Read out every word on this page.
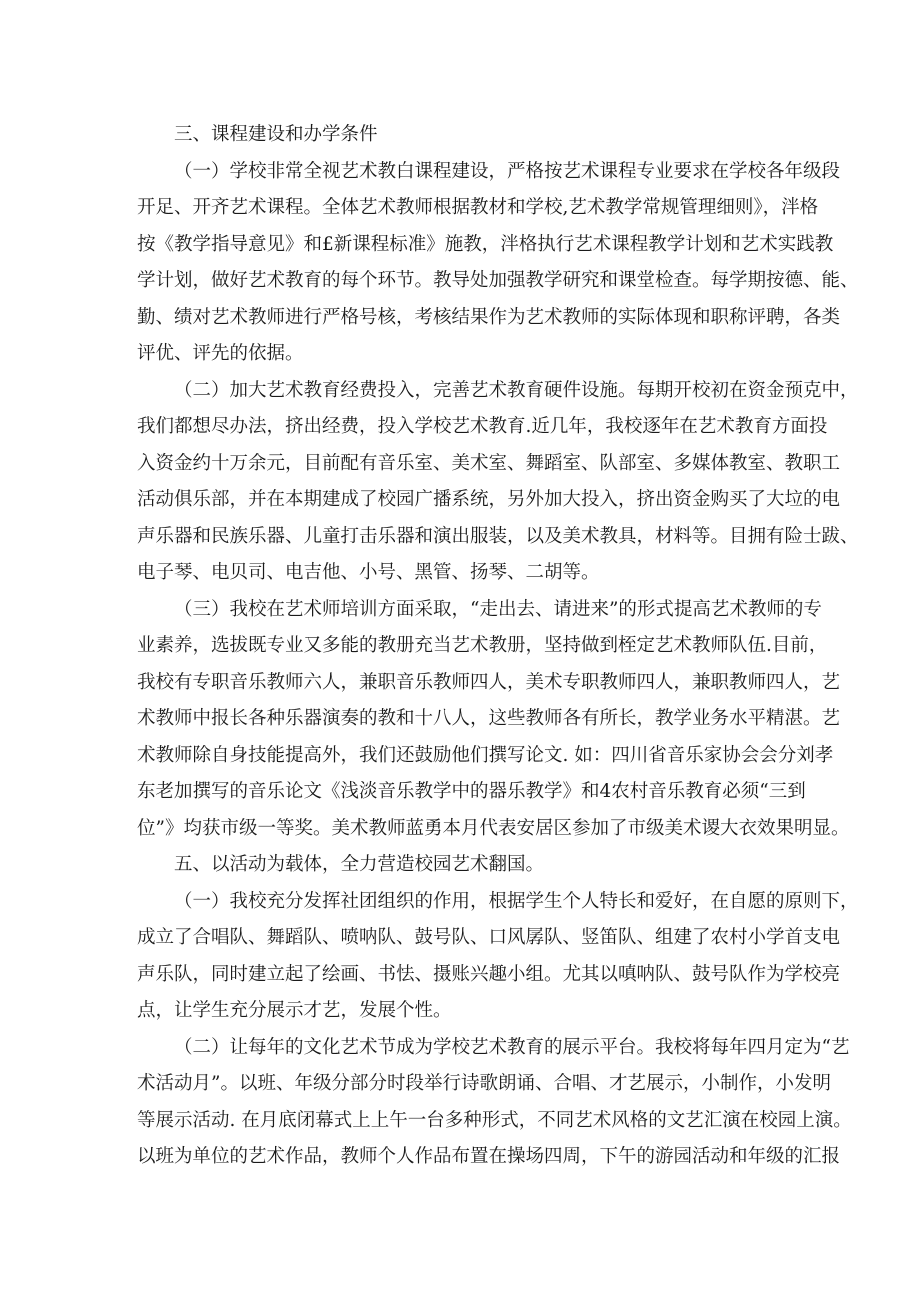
三、课程建设和办学条件
（一）学校非常全视艺术教白课程建设，严格按艺术课程专业要求在学校各年级段
开足、开齐艺术课程。全体艺术教师根据教材和学校,艺术教学常规管理细则》，泮格
按《教学指导意见》和£新课程标准》施教，泮格执行艺术课程教学计划和艺术实践教
学计划，做好艺术教育的每个环节。教导处加强教学研究和课堂检查。每学期按德、能、
勤、绩对艺术教师进行严格号核，考核结果作为艺术教师的实际体现和职称评聘，各类
评优、评先的依据。
（二）加大艺术教育经费投入，完善艺术教育硬件设施。每期开校初在资金预克中，
我们都想尽办法，挤出经费，投入学校艺术教育.近几年，我校逐年在艺术教育方面投
入资金约十万余元，目前配有音乐室、美术室、舞蹈室、队部室、多媒体教室、教职工
活动俱乐部，并在本期建成了校园广播系统，另外加大投入，挤出资金购买了大垃的电
声乐器和民族乐器、儿童打击乐器和演出服装，以及美术教具，材料等。目拥有险士跋、
电子琴、电贝司、电吉他、小号、黑管、扬琴、二胡等。
（三）我校在艺术师培训方面采取，“走出去、请进来”的形式提高艺术教师的专
业素养，选拔既专业又多能的教册充当艺术教册，坚持做到桎定艺术教师队伍.目前，
我校有专职音乐教师六人，兼职音乐教师四人，美术专职教师四人，兼职教师四人，艺
术教师中报长各种乐器演奏的教和十八人，这些教师各有所长，教学业务水平精湛。艺
术教师除自身技能提高外，我们还鼓励他们撰写论文. 如：四川省音乐家协会会分刘孝
东老加撰写的音乐论文《浅淡音乐教学中的器乐教学》和4农村音乐教育必须“三到
位”》均获市级一等奖。美术教师蓝勇本月代表安居区参加了市级美术谡大衣效果明显。
五、以活动为载体，全力营造校园艺术翻国。
（一）我校充分发挥社团组织的作用，根据学生个人特长和爱好，在自愿的原则下，
成立了合唱队、舞蹈队、喷呐队、鼓号队、口风孱队、竖笛队、组建了农村小学首支电
声乐队，同时建立起了绘画、书怯、摄账兴趣小组。尤其以嗔呐队、鼓号队作为学校亮
点，让学生充分展示才艺，发展个性。
（二）让每年的文化艺术节成为学校艺术教育的展示平台。我校将每年四月定为“艺
术活动月”。以班、年级分部分时段举行诗歌朗诵、合唱、才艺展示，小制作，小发明
等展示活动. 在月底闭幕式上上午一台多种形式，不同艺术风格的文艺汇演在校园上演。
以班为单位的艺术作品，教师个人作品布置在操场四周，下午的游园活动和年级的汇报
